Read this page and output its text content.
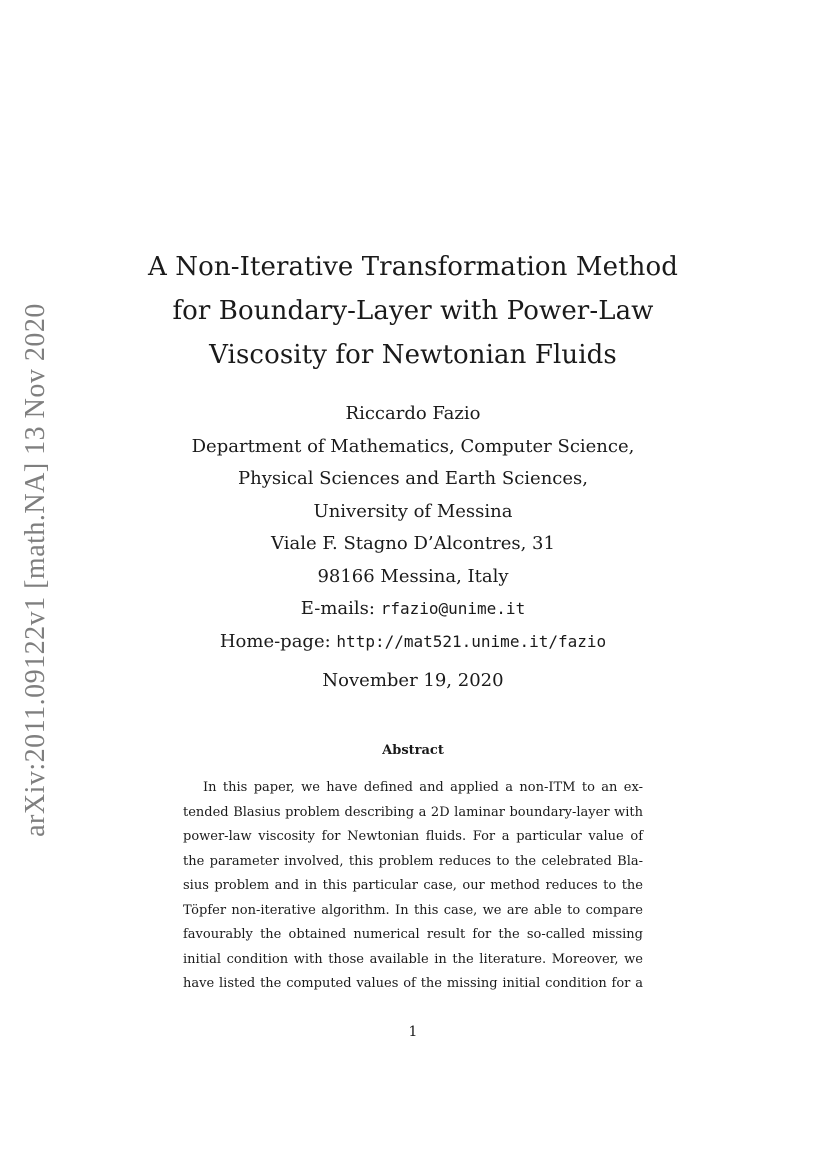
arXiv:2011.09122v1 [math.NA] 13 Nov 2020
A Non-Iterative Transformation Method
for Boundary-Layer with Power-Law
Viscosity for Newtonian Fluids
Riccardo Fazio
Department of Mathematics, Computer Science,
Physical Sciences and Earth Sciences,
University of Messina
Viale F. Stagno D’Alcontres, 31
98166 Messina, Italy
E-mails: rfazio@unime.it
Home-page: http://mat521.unime.it/fazio
November 19, 2020
Abstract
In this paper, we have defined and applied a non-ITM to an ex-
tended Blasius problem describing a 2D laminar boundary-layer with
power-law viscosity for Newtonian fluids. For a particular value of
the parameter involved, this problem reduces to the celebrated Bla-
sius problem and in this particular case, our method reduces to the
Töpfer non-iterative algorithm. In this case, we are able to compare
favourably the obtained numerical result for the so-called missing
initial condition with those available in the literature. Moreover, we
have listed the computed values of the missing initial condition for a
1
